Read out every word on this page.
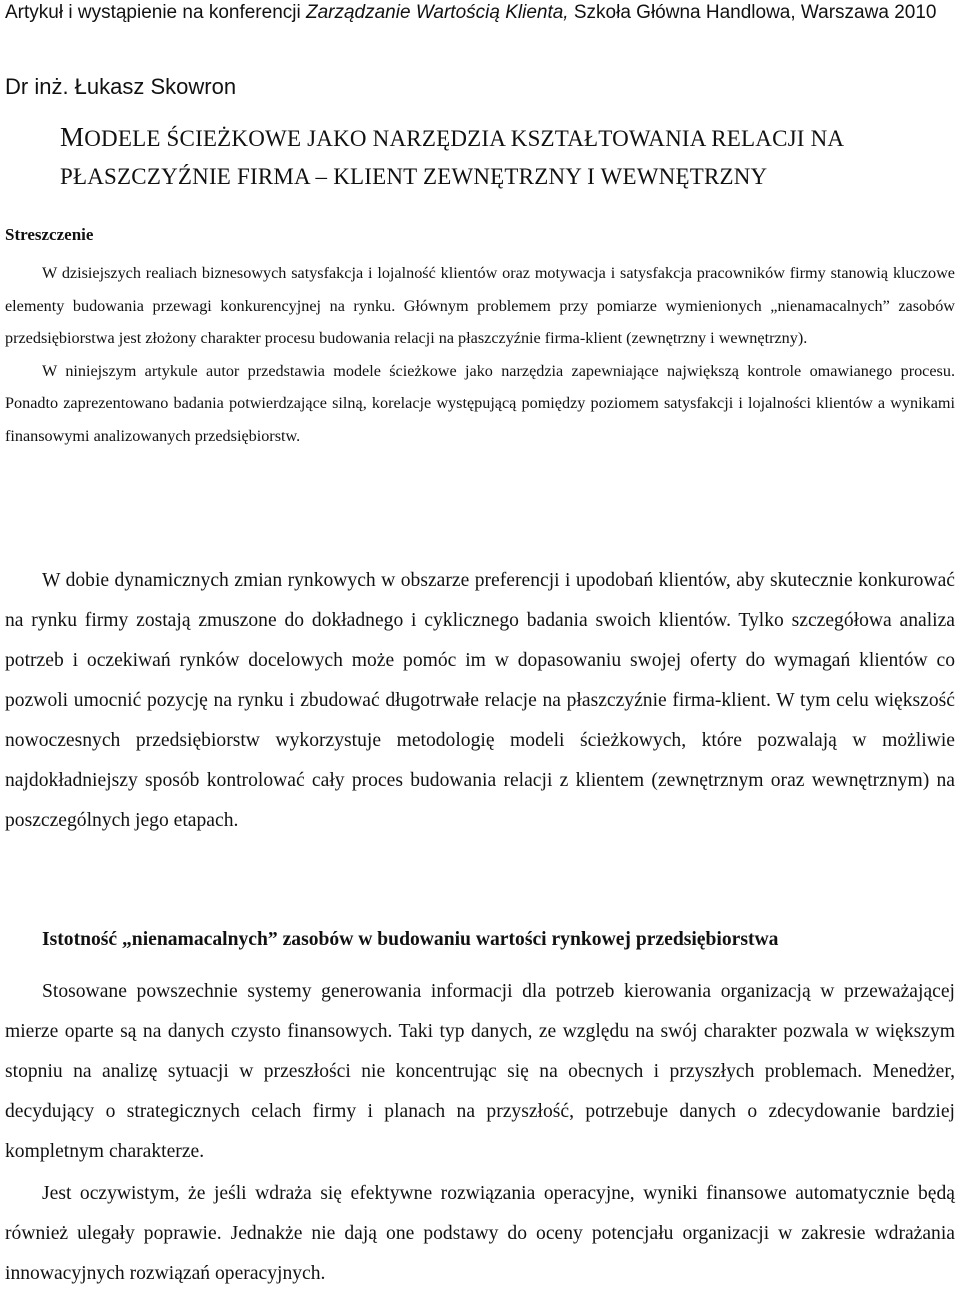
Artykuł i wystąpienie na konferencji Zarządzanie Wartością Klienta, Szkoła Główna Handlowa, Warszawa 2010
Dr inż. Łukasz Skowron
MODELE ŚCIEŻKOWE JAKO NARZĘDZIA KSZTAŁTOWANIA RELACJI NA
PŁASZCZYŹNIE FIRMA – KLIENT ZEWNĘTRZNY I WEWNĘTRZNY
Streszczenie

W dzisiejszych realiach biznesowych satysfakcja i lojalność klientów oraz motywacja i satysfakcja pracowników firmy stanowią kluczowe elementy budowania przewagi konkurencyjnej na rynku. Głównym problemem przy pomiarze wymienionych „nienamacalnych” zasobów przedsiębiorstwa jest złożony charakter procesu budowania relacji na płaszczyźnie firma-klient (zewnętrzny i wewnętrzny).

W niniejszym artykule autor przedstawia modele ścieżkowe jako narzędzia zapewniające największą kontrole omawianego procesu. Ponadto zaprezentowano badania potwierdzające silną, korelacje występującą pomiędzy poziomem satysfakcji i lojalności klientów a wynikami finansowymi analizowanych przedsiębiorstw.

W dobie dynamicznych zmian rynkowych w obszarze preferencji i upodobań klientów, aby skutecznie konkurować na rynku firmy zostają zmuszone do dokładnego i cyklicznego badania swoich klientów. Tylko szczegółowa analiza potrzeb i oczekiwań rynków docelowych może pomóc im w dopasowaniu swojej oferty do wymagań klientów co pozwoli umocnić pozycję na rynku i zbudować długotrwałe relacje na płaszczyźnie firma-klient. W tym celu większość nowoczesnych przedsiębiorstw wykorzystuje metodologię modeli ścieżkowych, które pozwalają w możliwie najdokładniejszy sposób kontrolować cały proces budowania relacji z klientem (zewnętrznym oraz wewnętrznym) na poszczególnych jego etapach.

Istotność „nienamacalnych” zasobów w budowaniu wartości rynkowej przedsiębiorstwa

Stosowane powszechnie systemy generowania informacji dla potrzeb kierowania organizacją w przeważającej mierze oparte są na danych czysto finansowych. Taki typ danych, ze względu na swój charakter pozwala w większym stopniu na analizę sytuacji w przeszłości nie koncentrując się na obecnych i przyszłych problemach. Menedżer, decydujący o strategicznych celach firmy i planach na przyszłość, potrzebuje danych o zdecydowanie bardziej kompletnym charakterze.

Jest oczywistym, że jeśli wdraża się efektywne rozwiązania operacyjne, wyniki finansowe automatycznie będą również ulegały poprawie. Jednakże nie dają one podstawy do oceny potencjału organizacji w zakresie wdrażania innowacyjnych rozwiązań operacyjnych.
